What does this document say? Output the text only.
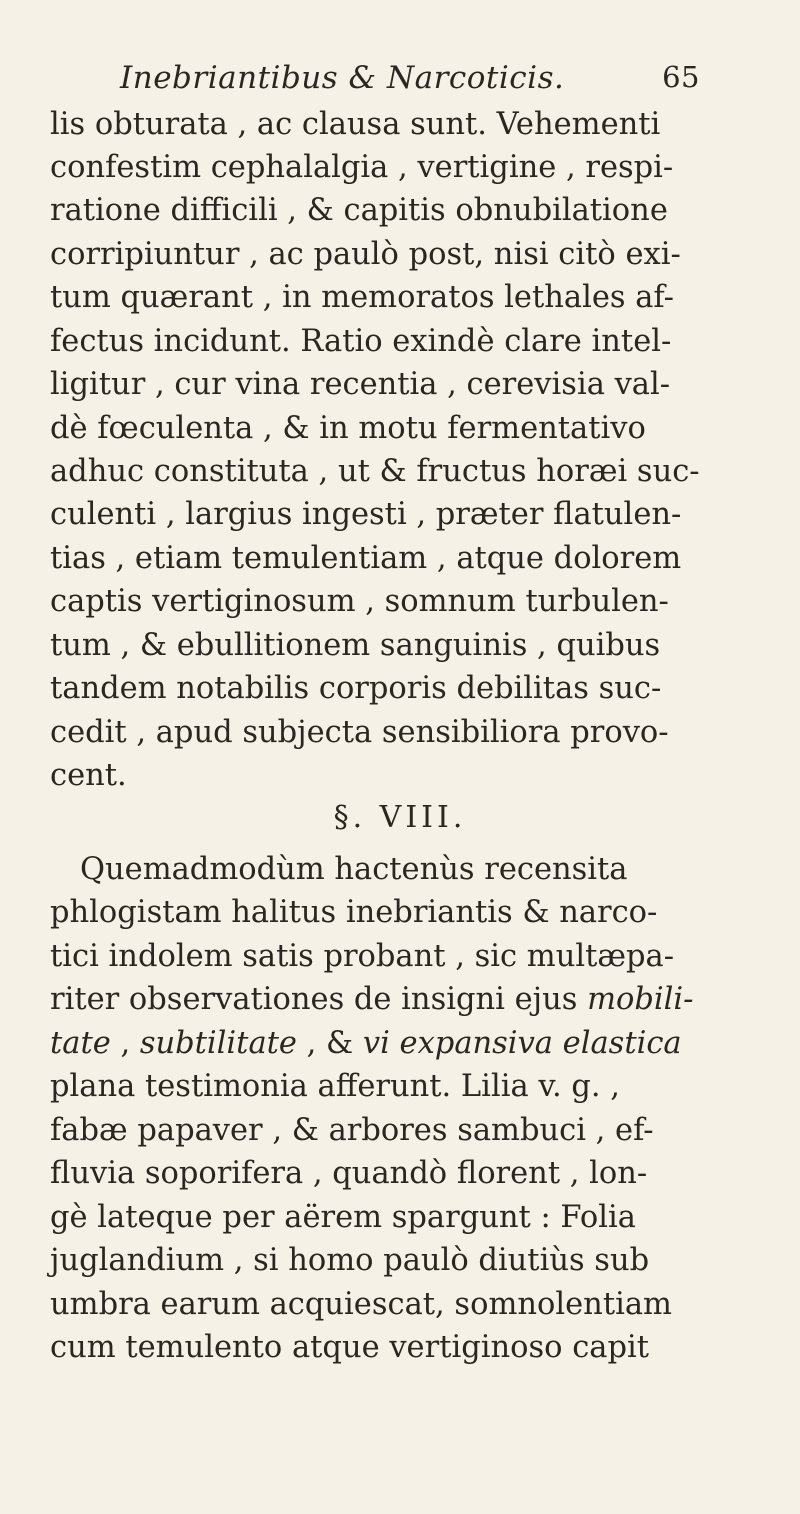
Inebriantibus & Narcoticis.	65
lis obturata , ac clausa sunt. Vehementi
confestim cephalalgia , vertigine , respi-
ratione difficili , & capitis obnubilatione
corripiuntur , ac paulò post, nisi citò exi-
tum quærant , in memoratos lethales af-
fectus incidunt. Ratio exindè clare intel-
ligitur , cur vina recentia , cerevisia val-
dè fœculenta , & in motu fermentativo
adhuc constituta , ut & fructus horæi suc-
culenti , largius ingesti , præter flatulen-
tias , etiam temulentiam , atque dolorem
captis vertiginosum , somnum turbulen-
tum , & ebullitionem sanguinis , quibus
tandem notabilis corporis debilitas suc-
cedit , apud subjecta sensibiliora provo-
cent.
§. VIII.
Quemadmodùm hactenùs recensita
phlogistam halitus inebriantis & narco-
tici indolem satis probant , sic multæpa-
riter observationes de insigni ejus mobili-
tate , subtilitate , & vi expansiva elastica
plana testimonia afferunt. Lilia v. g. ,
fabæ papaver , & arbores sambuci , ef-
fluvia soporifera , quandò florent , lon-
gè lateque per aërem spargunt : Folia
juglandium , si homo paulò diutiùs sub
umbra earum acquiescat, somnolentiam
cum temulento atque vertiginoso capit
